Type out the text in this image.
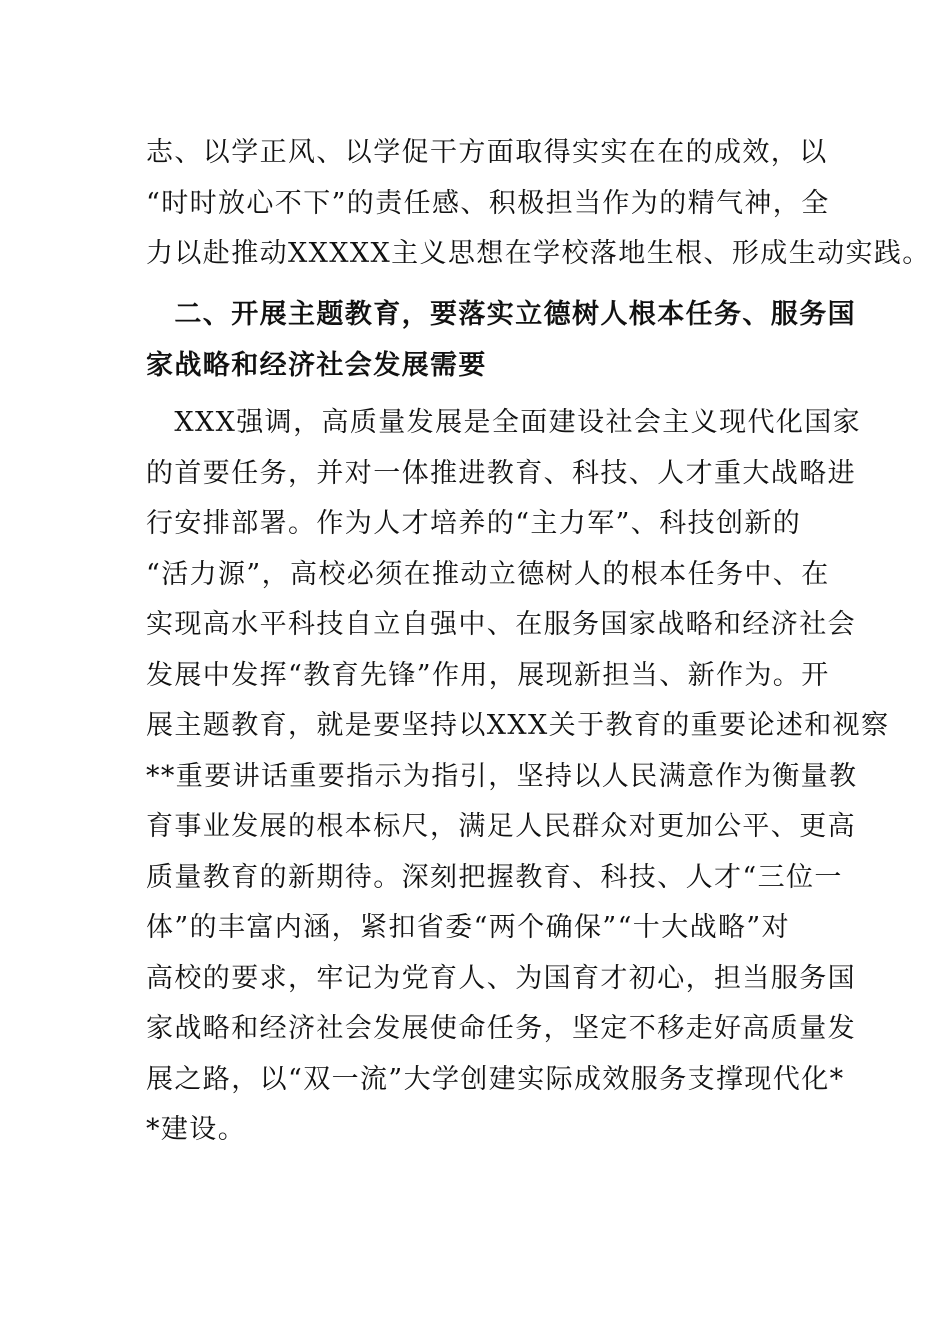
志、以学正风、以学促干方面取得实实在在的成效，以
“时时放心不下”的责任感、积极担当作为的精气神，全
力以赴推动XXXXX主义思想在学校落地生根、形成生动实践。
　二、开展主题教育，要落实立德树人根本任务、服务国
家战略和经济社会发展需要
　XXX强调，高质量发展是全面建设社会主义现代化国家
的首要任务，并对一体推进教育、科技、人才重大战略进
行安排部署。作为人才培养的“主力军”、科技创新的
“活力源”，高校必须在推动立德树人的根本任务中、在
实现高水平科技自立自强中、在服务国家战略和经济社会
发展中发挥“教育先锋”作用，展现新担当、新作为。开
展主题教育，就是要坚持以XXX关于教育的重要论述和视察
**重要讲话重要指示为指引，坚持以人民满意作为衡量教
育事业发展的根本标尺，满足人民群众对更加公平、更高
质量教育的新期待。深刻把握教育、科技、人才“三位一
体”的丰富内涵，紧扣省委“两个确保”“十大战略”对
高校的要求，牢记为党育人、为国育才初心，担当服务国
家战略和经济社会发展使命任务，坚定不移走好高质量发
展之路，以“双一流”大学创建实际成效服务支撑现代化*
*建设。
